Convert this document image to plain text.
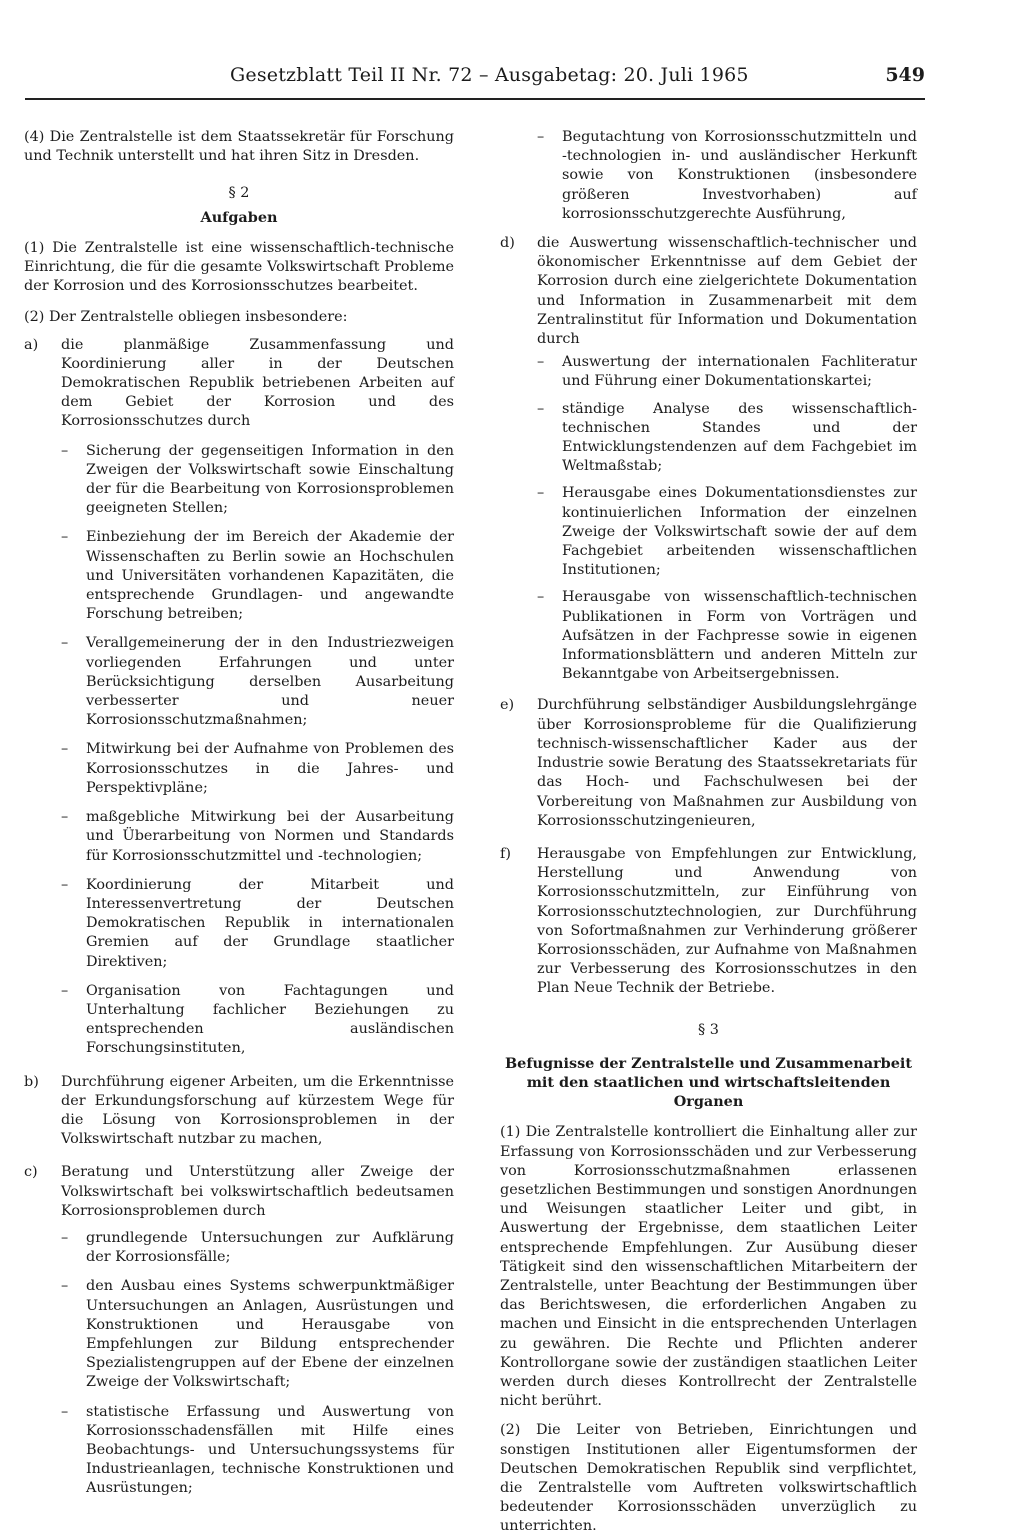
Gesetzblatt Teil II Nr. 72 – Ausgabetag: 20. Juli 1965	549

(4) Die Zentralstelle ist dem Staatssekretär für Forschung und Technik unterstellt und hat ihren Sitz in Dresden.

§ 2

Aufgaben

(1) Die Zentralstelle ist eine wissenschaftlich-technische Einrichtung, die für die gesamte Volkswirtschaft Probleme der Korrosion und des Korrosionsschutzes bearbeitet.

(2) Der Zentralstelle obliegen insbesondere:

a) die planmäßige Zusammenfassung und Koordinierung aller in der Deutschen Demokratischen Republik betriebenen Arbeiten auf dem Gebiet der Korrosion und des Korrosionsschutzes durch
– Sicherung der gegenseitigen Information in den Zweigen der Volkswirtschaft sowie Einschaltung der für die Bearbeitung von Korrosionsproblemen geeigneten Stellen;
– Einbeziehung der im Bereich der Akademie der Wissenschaften zu Berlin sowie an Hochschulen und Universitäten vorhandenen Kapazitäten, die entsprechende Grundlagen- und angewandte Forschung betreiben;
– Verallgemeinerung der in den Industriezweigen vorliegenden Erfahrungen und unter Berücksichtigung derselben Ausarbeitung verbesserter und neuer Korrosionsschutzmaßnahmen;
– Mitwirkung bei der Aufnahme von Problemen des Korrosionsschutzes in die Jahres- und Perspektivpläne;
– maßgebliche Mitwirkung bei der Ausarbeitung und Überarbeitung von Normen und Standards für Korrosionsschutzmittel und -technologien;
– Koordinierung der Mitarbeit und Interessenvertretung der Deutschen Demokratischen Republik in internationalen Gremien auf der Grundlage staatlicher Direktiven;
– Organisation von Fachtagungen und Unterhaltung fachlicher Beziehungen zu entsprechenden ausländischen Forschungsinstituten,
b) Durchführung eigener Arbeiten, um die Erkenntnisse der Erkundungsforschung auf kürzestem Wege für die Lösung von Korrosionsproblemen in der Volkswirtschaft nutzbar zu machen,
c) Beratung und Unterstützung aller Zweige der Volkswirtschaft bei volkswirtschaftlich bedeutsamen Korrosionsproblemen durch
– grundlegende Untersuchungen zur Aufklärung der Korrosionsfälle;
– den Ausbau eines Systems schwerpunktmäßiger Untersuchungen an Anlagen, Ausrüstungen und Konstruktionen und Herausgabe von Empfehlungen zur Bildung entsprechender Spezialistengruppen auf der Ebene der einzelnen Zweige der Volkswirtschaft;
– statistische Erfassung und Auswertung von Korrosionsschadensfällen mit Hilfe eines Beobachtungs- und Untersuchungssystems für Industrieanlagen, technische Konstruktionen und Ausrüstungen;
– Begutachtung von Korrosionsschutzmitteln und -technologien in- und ausländischer Herkunft sowie von Konstruktionen (insbesondere größeren Investvorhaben) auf korrosionsschutzgerechte Ausführung,
d) die Auswertung wissenschaftlich-technischer und ökonomischer Erkenntnisse auf dem Gebiet der Korrosion durch eine zielgerichtete Dokumentation und Information in Zusammenarbeit mit dem Zentralinstitut für Information und Dokumentation durch
– Auswertung der internationalen Fachliteratur und Führung einer Dokumentationskartei;
– ständige Analyse des wissenschaftlich-technischen Standes und der Entwicklungstendenzen auf dem Fachgebiet im Weltmaßstab;
– Herausgabe eines Dokumentationsdienstes zur kontinuierlichen Information der einzelnen Zweige der Volkswirtschaft sowie der auf dem Fachgebiet arbeitenden wissenschaftlichen Institutionen;
– Herausgabe von wissenschaftlich-technischen Publikationen in Form von Vorträgen und Aufsätzen in der Fachpresse sowie in eigenen Informationsblättern und anderen Mitteln zur Bekanntgabe von Arbeitsergebnissen.
e) Durchführung selbständiger Ausbildungslehrgänge über Korrosionsprobleme für die Qualifizierung technisch-wissenschaftlicher Kader aus der Industrie sowie Beratung des Staatssekretariats für das Hoch- und Fachschulwesen bei der Vorbereitung von Maßnahmen zur Ausbildung von Korrosionsschutzingenieuren,
f) Herausgabe von Empfehlungen zur Entwicklung, Herstellung und Anwendung von Korrosionsschutzmitteln, zur Einführung von Korrosionsschutztechnologien, zur Durchführung von Sofortmaßnahmen zur Verhinderung größerer Korrosionsschäden, zur Aufnahme von Maßnahmen zur Verbesserung des Korrosionsschutzes in den Plan Neue Technik der Betriebe.

§ 3

Befugnisse der Zentralstelle und Zusammenarbeit
mit den staatlichen und wirtschaftsleitenden Organen

(1) Die Zentralstelle kontrolliert die Einhaltung aller zur Erfassung von Korrosionsschäden und zur Verbesserung von Korrosionsschutzmaßnahmen erlassenen gesetzlichen Bestimmungen und sonstigen Anordnungen und Weisungen staatlicher Leiter und gibt, in Auswertung der Ergebnisse, dem staatlichen Leiter entsprechende Empfehlungen. Zur Ausübung dieser Tätigkeit sind den wissenschaftlichen Mitarbeitern der Zentralstelle, unter Beachtung der Bestimmungen über das Berichtswesen, die erforderlichen Angaben zu machen und Einsicht in die entsprechenden Unterlagen zu gewähren. Die Rechte und Pflichten anderer Kontrollorgane sowie der zuständigen staatlichen Leiter werden durch dieses Kontrollrecht der Zentralstelle nicht berührt.

(2) Die Leiter von Betrieben, Einrichtungen und sonstigen Institutionen aller Eigentumsformen der Deutschen Demokratischen Republik sind verpflichtet, die Zentralstelle vom Auftreten volkswirtschaftlich bedeutender Korrosionsschäden unverzüglich zu unterrichten.
